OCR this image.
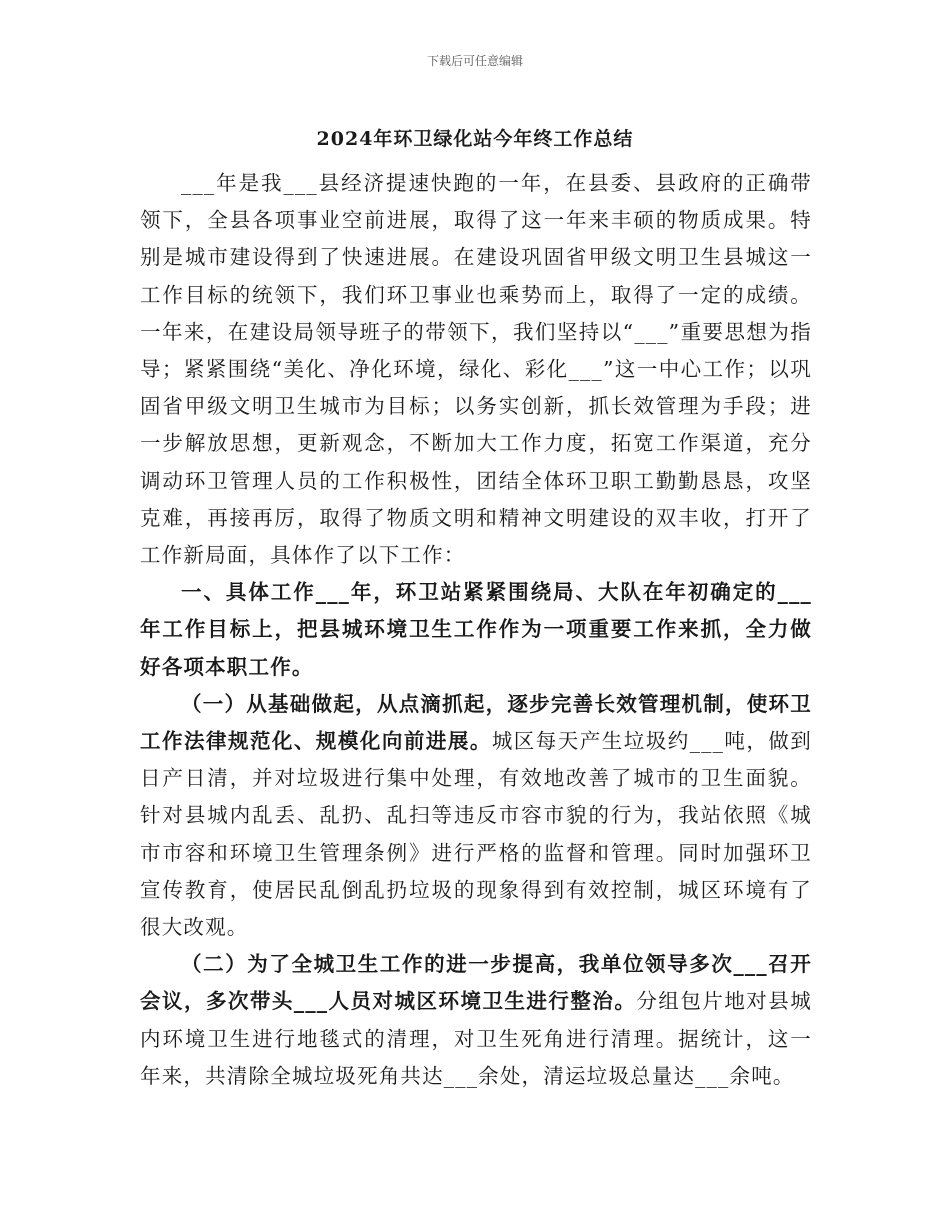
下载后可任意编辑
2024年环卫绿化站今年终工作总结

___年是我___县经济提速快跑的一年，在县委、县政府的正确带领下，全县各项事业空前进展，取得了这一年来丰硕的物质成果。特别是城市建设得到了快速进展。在建设巩固省甲级文明卫生县城这一工作目标的统领下，我们环卫事业也乘势而上，取得了一定的成绩。一年来，在建设局领导班子的带领下，我们坚持以“___”重要思想为指导；紧紧围绕“美化、净化环境，绿化、彩化___”这一中心工作；以巩固省甲级文明卫生城市为目标；以务实创新，抓长效管理为手段；进一步解放思想，更新观念，不断加大工作力度，拓宽工作渠道，充分调动环卫管理人员的工作积极性，团结全体环卫职工勤勤恳恳，攻坚克难，再接再厉，取得了物质文明和精神文明建设的双丰收，打开了工作新局面，具体作了以下工作：

一、具体工作___年，环卫站紧紧围绕局、大队在年初确定的___年工作目标上，把县城环境卫生工作作为一项重要工作来抓，全力做好各项本职工作。

（一）从基础做起，从点滴抓起，逐步完善长效管理机制，使环卫工作法律规范化、规模化向前进展。城区每天产生垃圾约___吨，做到日产日清，并对垃圾进行集中处理，有效地改善了城市的卫生面貌。针对县城内乱丢、乱扔、乱扫等违反市容市貌的行为，我站依照《城市市容和环境卫生管理条例》进行严格的监督和管理。同时加强环卫宣传教育，使居民乱倒乱扔垃圾的现象得到有效控制，城区环境有了很大改观。

（二）为了全城卫生工作的进一步提高，我单位领导多次___召开会议，多次带头___人员对城区环境卫生进行整治。分组包片地对县城内环境卫生进行地毯式的清理，对卫生死角进行清理。据统计，这一年来，共清除全城垃圾死角共达___余处，清运垃圾总量达___余吨。
